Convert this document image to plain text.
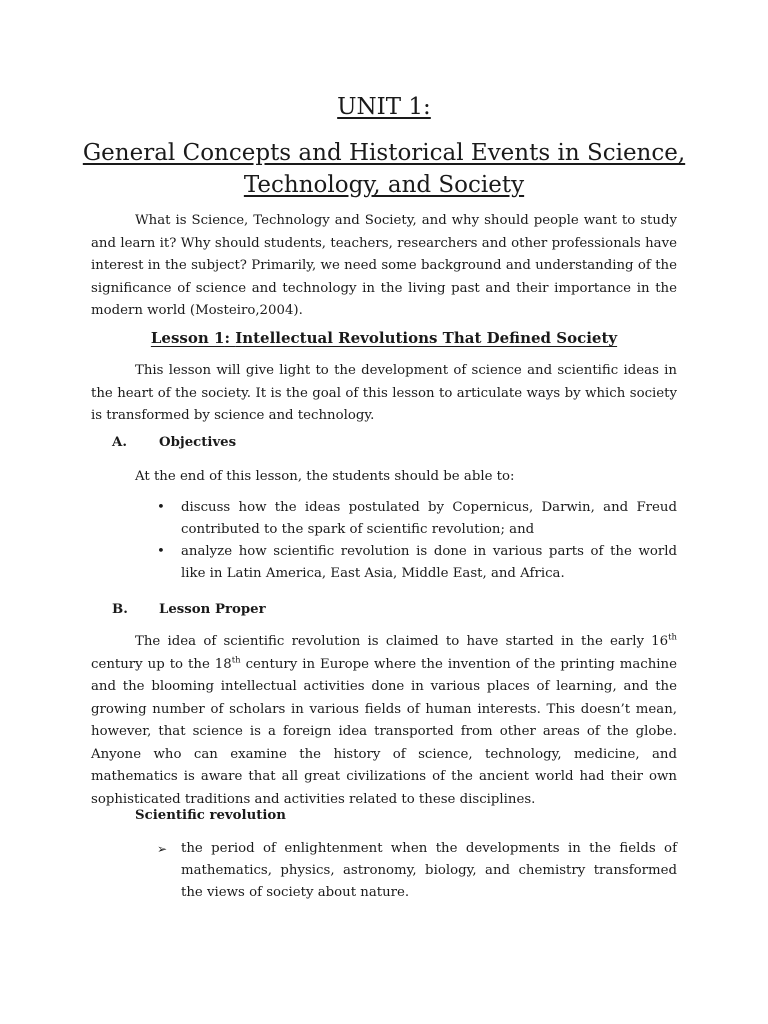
UNIT 1:
General Concepts and Historical Events in Science, Technology, and Society

What is Science, Technology and Society, and why should people want to study and learn it? Why should students, teachers, researchers and other professionals have interest in the subject? Primarily, we need some background and understanding of the significance of science and technology in the living past and their importance in the modern world (Mosteiro,2004).

Lesson 1: Intellectual Revolutions That Defined Society

This lesson will give light to the development of science and scientific ideas in the heart of the society. It is the goal of this lesson to articulate ways by which society is transformed by science and technology.

A. Objectives
At the end of this lesson, the students should be able to:
•	discuss how the ideas postulated by Copernicus, Darwin, and Freud contributed to the spark of scientific revolution; and
•	analyze how scientific revolution is done in various parts of the world like in Latin America, East Asia, Middle East, and Africa.
B. Lesson Proper

The idea of scientific revolution is claimed to have started in the early 16th century up to the 18th century in Europe where the invention of the printing machine and the blooming intellectual activities done in various places of learning, and the growing number of scholars in various fields of human interests. This doesn’t mean, however, that science is a foreign idea transported from other areas of the globe. Anyone who can examine the history of science, technology, medicine, and mathematics is aware that all great civilizations of the ancient world had their own sophisticated traditions and activities related to these disciplines.

Scientific revolution
➢ the period of enlightenment when the developments in the fields of mathematics, physics, astronomy, biology, and chemistry transformed the views of society about nature.
